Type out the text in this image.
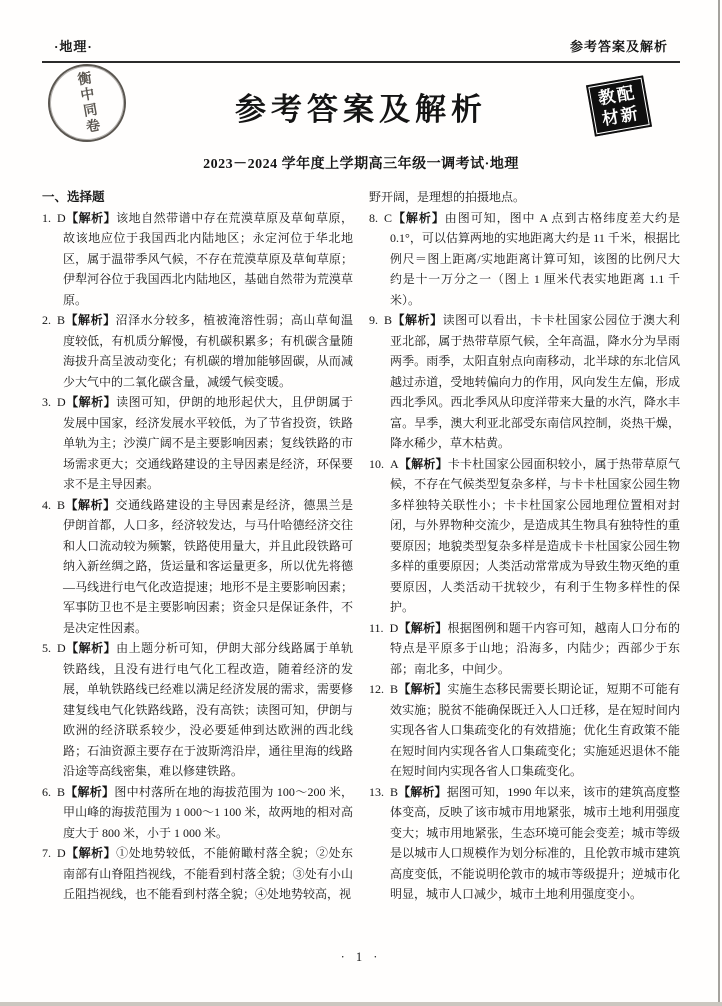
·地理·	参考答案及解析
衡中同卷	参考答案及解析	教配
材新
2023－2024 学年度上学期高三年级一调考试·地理
一、选择题
1. D【解析】该地自然带谱中存在荒漠草原及草甸草原，故该地应位于我国西北内陆地区；永定河位于华北地区，属于温带季风气候，不存在荒漠草原及草甸草原；伊犁河谷位于我国西北内陆地区，基础自然带为荒漠草原。
2. B【解析】沼泽水分较多，植被淹溶性弱；高山草甸温度较低，有机质分解慢，有机碳积累多；有机碳含量随海拔升高呈波动变化；有机碳的增加能够固碳，从而减少大气中的二氧化碳含量，减缓气候变暖。
3. D【解析】读图可知，伊朗的地形起伏大，且伊朗属于发展中国家，经济发展水平较低，为了节省投资，铁路单轨为主；沙漠广阔不是主要影响因素；复线铁路的市场需求更大；交通线路建设的主导因素是经济，环保要求不是主导因素。
4. B【解析】交通线路建设的主导因素是经济，德黑兰是伊朗首都，人口多，经济较发达，与马什哈德经济交往和人口流动较为频繁，铁路使用量大，并且此段铁路可纳入新丝绸之路，货运量和客运量更多，所以优先将德—马线进行电气化改造提速；地形不是主要影响因素；军事防卫也不是主要影响因素；资金只是保证条件，不是决定性因素。
5. D【解析】由上题分析可知，伊朗大部分线路属于单轨铁路线，且没有进行电气化工程改造，随着经济的发展，单轨铁路线已经难以满足经济发展的需求，需要修建复线电气化铁路线路，没有高铁；读图可知，伊朗与欧洲的经济联系较少，没必要延伸到达欧洲的西北线路；石油资源主要存在于波斯湾沿岸，通往里海的线路沿途等高线密集，难以修建铁路。
6. B【解析】图中村落所在地的海拔范围为 100～200 米，甲山峰的海拔范围为 1 000～1 100 米，故两地的相对高度大于 800 米，小于 1 000 米。
7. D【解析】①处地势较低，不能俯瞰村落全貌；②处东南部有山脊阻挡视线，不能看到村落全貌；③处有小山丘阻挡视线，也不能看到村落全貌；④处地势较高，视
野开阔，是理想的拍摄地点。
8. C【解析】由图可知，图中 A 点到古格纬度差大约是 0.1°，可以估算两地的实地距离大约是 11 千米，根据比例尺＝图上距离/实地距离计算可知，该图的比例尺大约是十一万分之一（图上 1 厘米代表实地距离 1.1 千米）。
9. B【解析】读图可以看出，卡卡杜国家公园位于澳大利亚北部，属于热带草原气候，全年高温，降水分为旱雨两季。雨季，太阳直射点向南移动，北半球的东北信风越过赤道，受地转偏向力的作用，风向发生左偏，形成西北季风。西北季风从印度洋带来大量的水汽，降水丰富。旱季，澳大利亚北部受东南信风控制，炎热干燥，降水稀少，草木枯黄。
10. A【解析】卡卡杜国家公园面积较小，属于热带草原气候，不存在气候类型复杂多样，与卡卡杜国家公园生物多样独特关联性小；卡卡杜国家公园地理位置相对封闭，与外界物种交流少，是造成其生物具有独特性的重要原因；地貌类型复杂多样是造成卡卡杜国家公园生物多样的重要原因；人类活动常常成为导致生物灭绝的重要原因，人类活动干扰较少，有利于生物多样性的保护。
11. D【解析】根据图例和题干内容可知，越南人口分布的特点是平原多于山地；沿海多，内陆少；西部少于东部；南北多，中间少。
12. B【解析】实施生态移民需要长期论证，短期不可能有效实施；脱贫不能确保既迁入人口迁移，是在短时间内实现各省人口集疏变化的有效措施；优化生育政策不能在短时间内实现各省人口集疏变化；实施延迟退休不能在短时间内实现各省人口集疏变化。
13. B【解析】据图可知，1990 年以来，该市的建筑高度整体变高，反映了该市城市用地紧张，城市土地利用强度变大；城市用地紧张，生态环境可能会变差；城市等级是以城市人口规模作为划分标准的，且伦敦市城市建筑高度变低，不能说明伦敦市的城市等级提升；逆城市化明显，城市人口减少，城市土地利用强度变小。
· 1 ·
